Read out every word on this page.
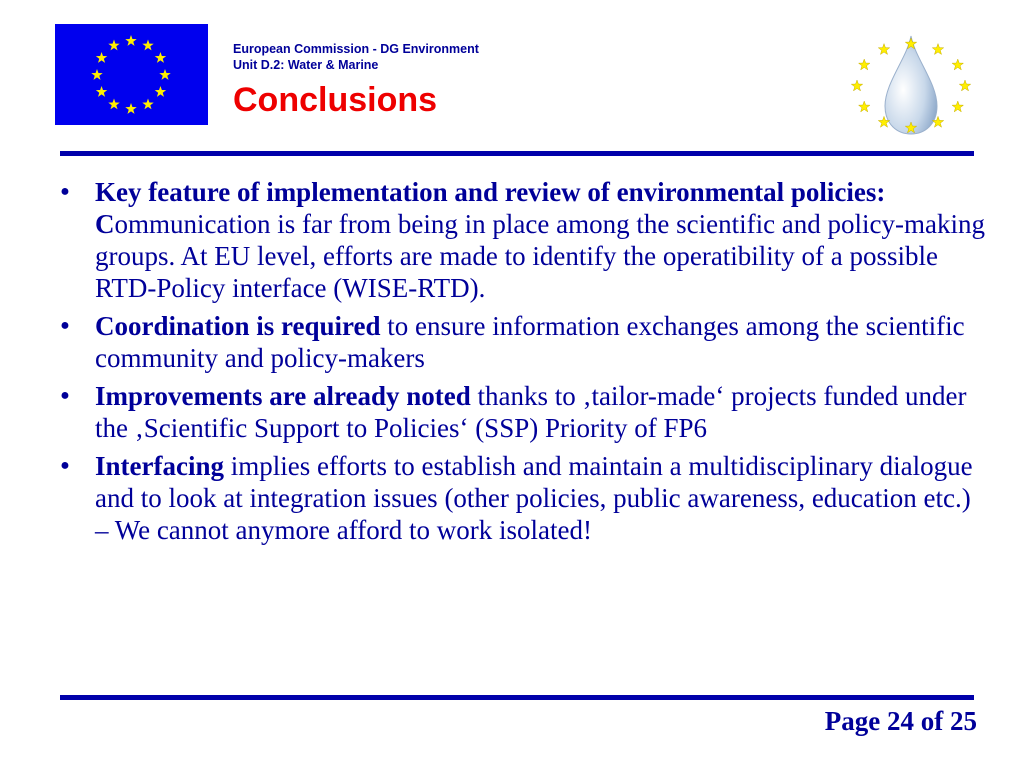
European Commission - DG Environment
Unit D.2: Water & Marine
Conclusions
● Key feature of implementation and review of environmental policies: Communication is far from being in place among the scientific and policy-making groups. At EU level, efforts are made to identify the operatibility of a possible RTD-Policy interface (WISE-RTD).
● Coordination is required to ensure information exchanges among the scientific community and policy-makers
● Improvements are already noted thanks to ‚tailor-made‘ projects funded under the ‚Scientific Support to Policies‘ (SSP) Priority of FP6
● Interfacing implies efforts to establish and maintain a multidisciplinary dialogue and to look at integration issues (other policies, public awareness, education etc.) – We cannot anymore afford to work isolated!
Page 24 of 25
